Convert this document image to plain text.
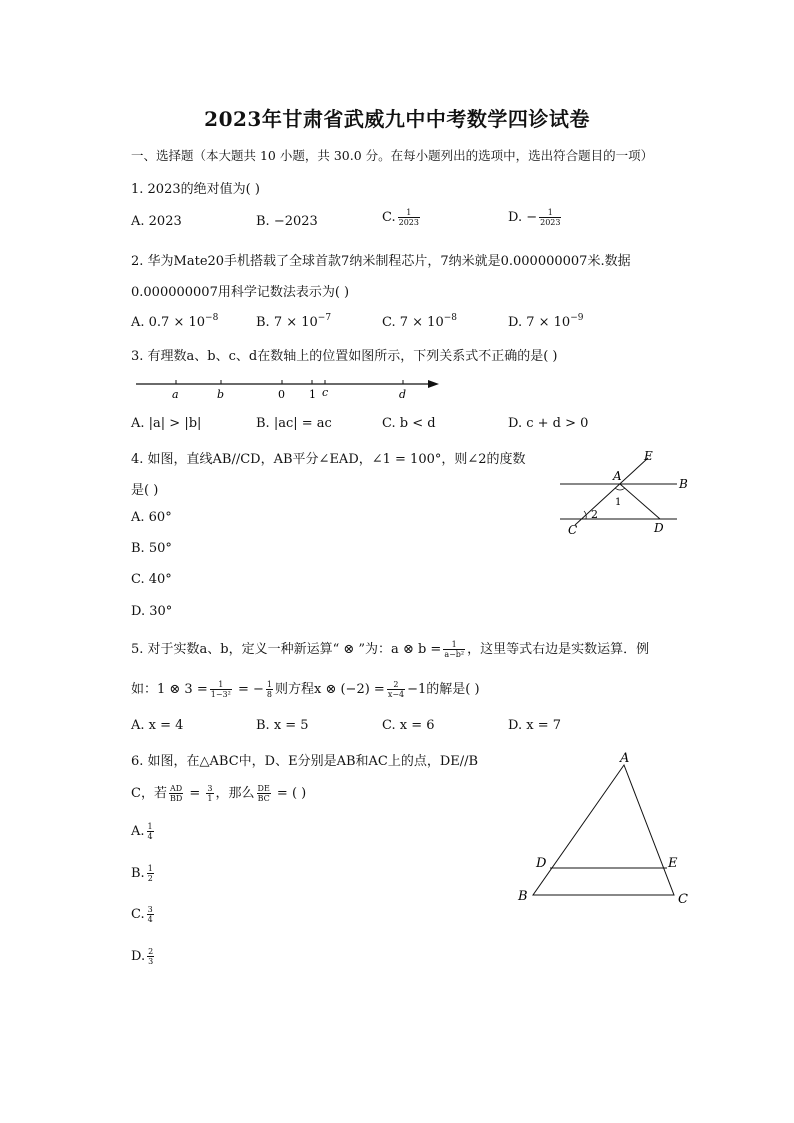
2023年甘肃省武威九中中考数学四诊试卷
一、选择题（本大题共 10 小题，共 30.0 分。在每小题列出的选项中，选出符合题目的一项）
1. 2023的绝对值为( )
A. 2023	B. −2023	C. $\frac{1}{2023}$	D. − $\frac{1}{2023}$
2. 华为Mate20手机搭载了全球首款7纳米制程芯片，7纳米就是0.000000007米.数据
0.000000007用科学记数法表示为( )
A. $0.7 \times 10^{-8}$	B. $7 \times 10^{-7}$	C. $7 \times 10^{-8}$	D. $7 \times 10^{-9}$
3. 有理数a、b、c、d在数轴上的位置如图所示，下列关系式不正确的是( )
a	b	0 1 c	d
A. |a| > |b|	B. |ac| = ac	C. b < d	D. c + d > 0
4. 如图，直线AB//CD，AB平分∠EAD，∠1 = 100°，则∠2的度数
是( )
A. 60°
B. 50°
C. 40°
D. 30°
E
A
B
1
2
C	D
5. 对于实数a、b，定义一种新运算“ ⊗ ”为：a ⊗ $b = \frac{1}{\text{a−b²}}$ ，这里等式右边是实数运算．例
如：1 ⊗ $3 = \frac{1}{\text{1−3²}}$ = − $\frac{1}{8}$ 则方程x ⊗ $(-2) = \frac{2}{x-4} -1$的解是( )
A. x = 4	B. x = 5	C. x = 6	D. x = 7
6. 如图，在△ABC中，D、E分别是AB和AC上的点，DE//B
C，若 $\frac{AD}{BD} = \frac{3}{1}$ ，那么 $\frac{DE}{BC}$ = ( )
A. $\frac{1}{4}$
B. $\frac{1}{2}$
C. $\frac{3}{4}$
D. $\frac{2}{3}$
A
D	E
B	C
